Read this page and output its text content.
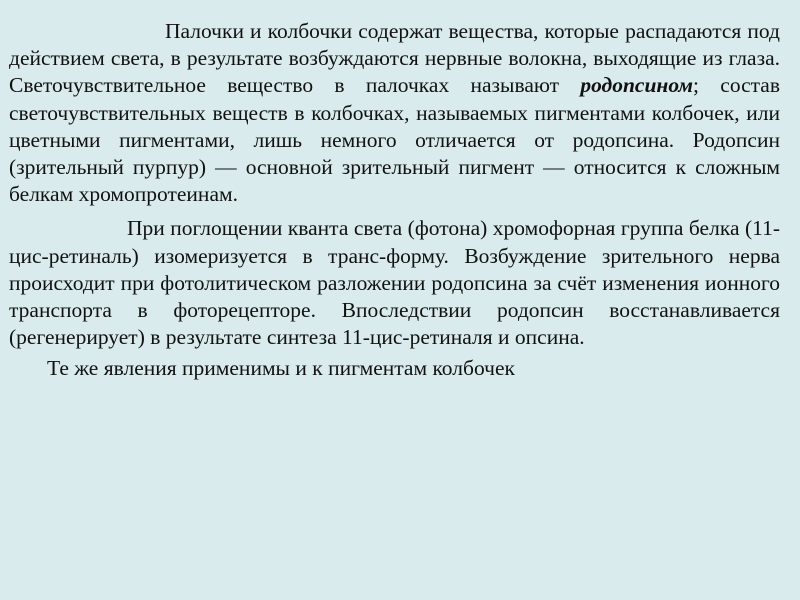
Палочки и колбочки содержат вещества, которые распадаются под действием света, в результате возбуждаются нервные волокна, выходящие из глаза. Светочувствительное вещество в палочках называют родопсином; состав светочувствительных веществ в колбочках, называемых пигментами колбочек, или цветными пигментами, лишь немного отличается от родопсина. Родопсин (зрительный пурпур) — основной зрительный пигмент — относится к сложным белкам хромопротеинам.

При поглощении кванта света (фотона) хромофорная группа белка (11-цис-ретиналь) изомеризуется в транс-форму. Возбуждение зрительного нерва происходит при фотолитическом разложении родопсина за счёт изменения ионного транспорта в фоторецепторе. Впоследствии родопсин восстанавливается (регенерирует) в результате синтеза 11-цис-ретиналя и опсина.

Те же явления применимы и к пигментам колбочек
